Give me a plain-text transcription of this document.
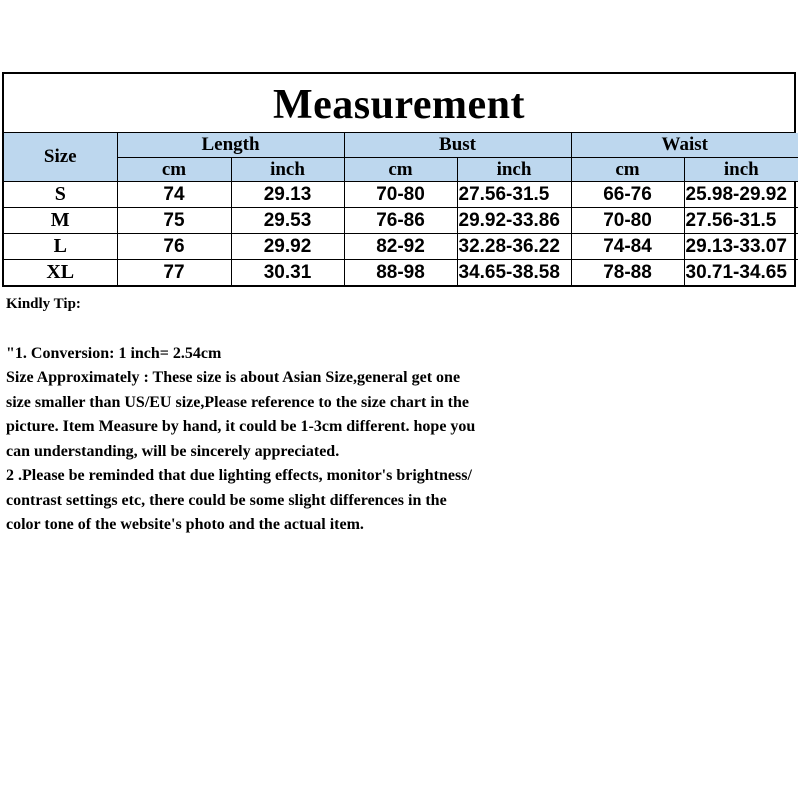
Measurement
Size	Length		Bust		Waist	
	cm	inch	cm	inch	cm	inch
S	74	29.13	70-80	27.56-31.5	66-76	25.98-29.92
M	75	29.53	76-86	29.92-33.86	70-80	27.56-31.5
L	76	29.92	82-92	32.28-36.22	74-84	29.13-33.07
XL	77	30.31	88-98	34.65-38.58	78-88	30.71-34.65

Kindly Tip:

"1. Conversion: 1 inch= 2.54cm

Size Approximately : These size is about Asian Size,general get one

size smaller than US/EU size,Please reference to the size chart in the

picture. Item Measure by hand, it could be 1-3cm different. hope you

can understanding, will be sincerely appreciated.

2 .Please be reminded that due lighting effects, monitor's brightness/

contrast settings etc, there could be some slight differences in the

color tone of the website's photo and the actual item.
